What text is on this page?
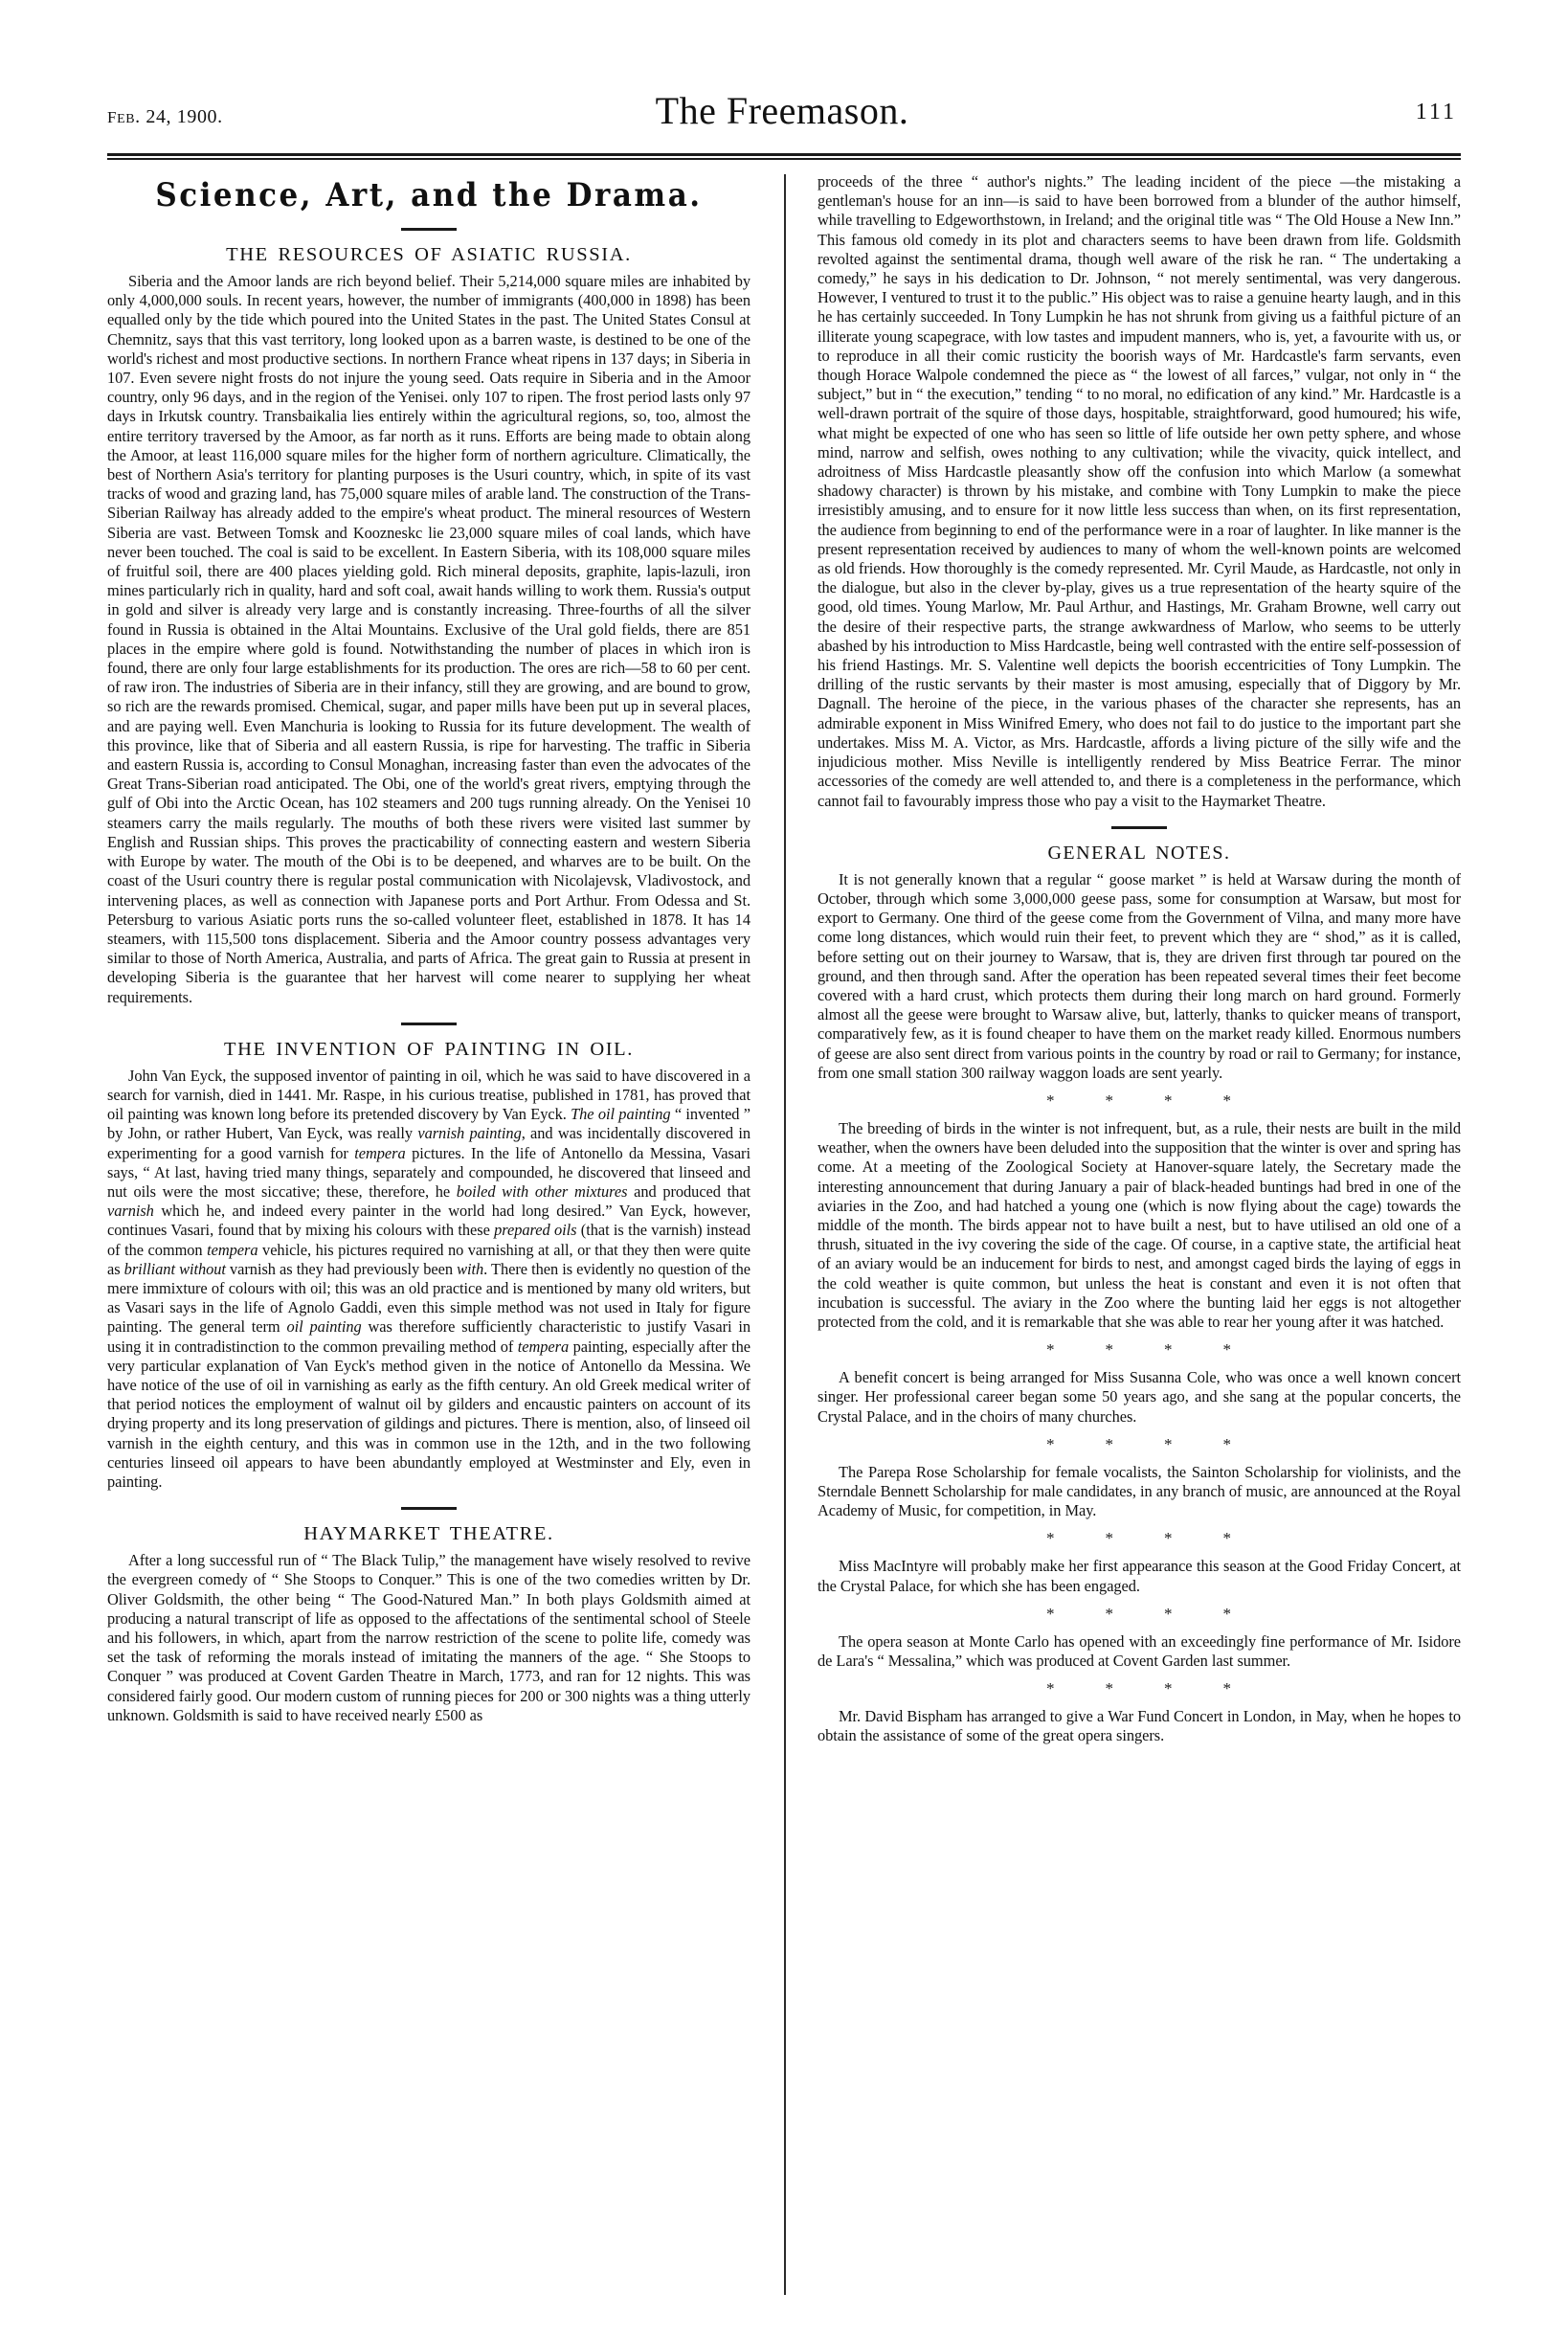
feb. 24, 1900.	The Freemason.	111
Science, Art, and the Drama.
THE RESOURCES OF ASIATIC RUSSIA.

Siberia and the Amoor lands are rich beyond belief. Their 5,214,000 square miles are inhabited by only 4,000,000 souls. In recent years, however, the number of immigrants (400,000 in 1898) has been equalled only by the tide which poured into the United States in the past. The United States Consul at Chemnitz, says that this vast territory, long looked upon as a barren waste, is destined to be one of the world's richest and most productive sections. In northern France wheat ripens in 137 days; in Siberia in 107. Even severe night frosts do not injure the young seed. Oats require in Siberia and in the Amoor country, only 96 days, and in the region of the Yenisei. only 107 to ripen. The frost period lasts only 97 days in Irkutsk country. Transbaikalia lies entirely within the agricultural regions, so, too, almost the entire territory traversed by the Amoor, as far north as it runs. Efforts are being made to obtain along the Amoor, at least 116,000 square miles for the higher form of northern agriculture. Climatically, the best of Northern Asia's territory for planting purposes is the Usuri country, which, in spite of its vast tracks of wood and grazing land, has 75,000 square miles of arable land. The construction of the Trans-Siberian Railway has already added to the empire's wheat product. The mineral resources of Western Siberia are vast. Between Tomsk and Koozneskc lie 23,000 square miles of coal lands, which have never been touched. The coal is said to be excellent. In Eastern Siberia, with its 108,000 square miles of fruitful soil, there are 400 places yielding gold. Rich mineral deposits, graphite, lapis-lazuli, iron mines particularly rich in quality, hard and soft coal, await hands willing to work them. Russia's output in gold and silver is already very large and is constantly increasing. Three-fourths of all the silver found in Russia is obtained in the Altai Mountains. Exclusive of the Ural gold fields, there are 851 places in the empire where gold is found. Notwithstanding the number of places in which iron is found, there are only four large establishments for its production. The ores are rich—58 to 60 per cent. of raw iron. The industries of Siberia are in their infancy, still they are growing, and are bound to grow, so rich are the rewards promised. Chemical, sugar, and paper mills have been put up in several places, and are paying well. Even Manchuria is looking to Russia for its future development. The wealth of this province, like that of Siberia and all eastern Russia, is ripe for harvesting. The traffic in Siberia and eastern Russia is, according to Consul Monaghan, increasing faster than even the advocates of the Great Trans-Siberian road anticipated. The Obi, one of the world's great rivers, emptying through the gulf of Obi into the Arctic Ocean, has 102 steamers and 200 tugs running already. On the Yenisei 10 steamers carry the mails regularly. The mouths of both these rivers were visited last summer by English and Russian ships. This proves the practicability of connecting eastern and western Siberia with Europe by water. The mouth of the Obi is to be deepened, and wharves are to be built. On the coast of the Usuri country there is regular postal communication with Nicolajevsk, Vladivostock, and intervening places, as well as connection with Japanese ports and Port Arthur. From Odessa and St. Petersburg to various Asiatic ports runs the so-called volunteer fleet, established in 1878. It has 14 steamers, with 115,500 tons displacement. Siberia and the Amoor country possess advantages very similar to those of North America, Australia, and parts of Africa. The great gain to Russia at present in developing Siberia is the guarantee that her harvest will come nearer to supplying her wheat requirements.

THE INVENTION OF PAINTING IN OIL.

John Van Eyck, the supposed inventor of painting in oil, which he was said to have discovered in a search for varnish, died in 1441. Mr. Raspe, in his curious treatise, published in 1781, has proved that oil painting was known long before its pretended discovery by Van Eyck. The oil painting “ invented ” by John, or rather Hubert, Van Eyck, was really varnish painting, and was incidentally discovered in experimenting for a good varnish for tempera pictures. In the life of Antonello da Messina, Vasari says, “ At last, having tried many things, separately and compounded, he discovered that linseed and nut oils were the most siccative; these, therefore, he boiled with other mixtures and produced that varnish which he, and indeed every painter in the world had long desired.” Van Eyck, however, continues Vasari, found that by mixing his colours with these prepared oils (that is the varnish) instead of the common tempera vehicle, his pictures required no varnishing at all, or that they then were quite as brilliant without varnish as they had previously been with. There then is evidently no question of the mere immixture of colours with oil; this was an old practice and is mentioned by many old writers, but as Vasari says in the life of Agnolo Gaddi, even this simple method was not used in Italy for figure painting. The general term oil painting was therefore sufficiently characteristic to justify Vasari in using it in contradistinction to the common prevailing method of tempera painting, especially after the very particular explanation of Van Eyck's method given in the notice of Antonello da Messina. We have notice of the use of oil in varnishing as early as the fifth century. An old Greek medical writer of that period notices the employment of walnut oil by gilders and encaustic painters on account of its drying property and its long preservation of gildings and pictures. There is mention, also, of linseed oil varnish in the eighth century, and this was in common use in the 12th, and in the two following centuries linseed oil appears to have been abundantly employed at Westminster and Ely, even in painting.

HAYMARKET THEATRE.

After a long successful run of “ The Black Tulip,” the management have wisely resolved to revive the evergreen comedy of “ She Stoops to Conquer.” This is one of the two comedies written by Dr. Oliver Goldsmith, the other being “ The Good-Natured Man.” In both plays Goldsmith aimed at producing a natural transcript of life as opposed to the affectations of the sentimental school of Steele and his followers, in which, apart from the narrow restriction of the scene to polite life, comedy was set the task of reforming the morals instead of imitating the manners of the age. “ She Stoops to Conquer ” was produced at Covent Garden Theatre in March, 1773, and ran for 12 nights. This was considered fairly good. Our modern custom of running pieces for 200 or 300 nights was a thing utterly unknown. Goldsmith is said to have received nearly £500 as

proceeds of the three “ author's nights.” The leading incident of the piece —the mistaking a gentleman's house for an inn—is said to have been borrowed from a blunder of the author himself, while travelling to Edgeworthstown, in Ireland; and the original title was “ The Old House a New Inn.” This famous old comedy in its plot and characters seems to have been drawn from life. Goldsmith revolted against the sentimental drama, though well aware of the risk he ran. “ The undertaking a comedy,” he says in his dedication to Dr. Johnson, “ not merely sentimental, was very dangerous. However, I ventured to trust it to the public.” His object was to raise a genuine hearty laugh, and in this he has certainly succeeded. In Tony Lumpkin he has not shrunk from giving us a faithful picture of an illiterate young scapegrace, with low tastes and impudent manners, who is, yet, a favourite with us, or to reproduce in all their comic rusticity the boorish ways of Mr. Hardcastle's farm servants, even though Horace Walpole condemned the piece as “ the lowest of all farces,” vulgar, not only in “ the subject,” but in “ the execution,” tending “ to no moral, no edification of any kind.” Mr. Hardcastle is a well-drawn portrait of the squire of those days, hospitable, straightforward, good humoured; his wife, what might be expected of one who has seen so little of life outside her own petty sphere, and whose mind, narrow and selfish, owes nothing to any cultivation; while the vivacity, quick intellect, and adroitness of Miss Hardcastle pleasantly show off the confusion into which Marlow (a somewhat shadowy character) is thrown by his mistake, and combine with Tony Lumpkin to make the piece irresistibly amusing, and to ensure for it now little less success than when, on its first representation, the audience from beginning to end of the performance were in a roar of laughter. In like manner is the present representation received by audiences to many of whom the well-known points are welcomed as old friends. How thoroughly is the comedy represented. Mr. Cyril Maude, as Hardcastle, not only in the dialogue, but also in the clever by-play, gives us a true representation of the hearty squire of the good, old times. Young Marlow, Mr. Paul Arthur, and Hastings, Mr. Graham Browne, well carry out the desire of their respective parts, the strange awkwardness of Marlow, who seems to be utterly abashed by his introduction to Miss Hardcastle, being well contrasted with the entire self-possession of his friend Hastings. Mr. S. Valentine well depicts the boorish eccentricities of Tony Lumpkin. The drilling of the rustic servants by their master is most amusing, especially that of Diggory by Mr. Dagnall. The heroine of the piece, in the various phases of the character she represents, has an admirable exponent in Miss Winifred Emery, who does not fail to do justice to the important part she undertakes. Miss M. A. Victor, as Mrs. Hardcastle, affords a living picture of the silly wife and the injudicious mother. Miss Neville is intelligently rendered by Miss Beatrice Ferrar. The minor accessories of the comedy are well attended to, and there is a completeness in the performance, which cannot fail to favourably impress those who pay a visit to the Haymarket Theatre.

GENERAL NOTES.

It is not generally known that a regular “ goose market ” is held at Warsaw during the month of October, through which some 3,000,000 geese pass, some for consumption at Warsaw, but most for export to Germany. One third of the geese come from the Government of Vilna, and many more have come long distances, which would ruin their feet, to prevent which they are “ shod,” as it is called, before setting out on their journey to Warsaw, that is, they are driven first through tar poured on the ground, and then through sand. After the operation has been repeated several times their feet become covered with a hard crust, which protects them during their long march on hard ground. Formerly almost all the geese were brought to Warsaw alive, but, latterly, thanks to quicker means of transport, comparatively few, as it is found cheaper to have them on the market ready killed. Enormous numbers of geese are also sent direct from various points in the country by road or rail to Germany; for instance, from one small station 300 railway waggon loads are sent yearly.

*	*	*	*

The breeding of birds in the winter is not infrequent, but, as a rule, their nests are built in the mild weather, when the owners have been deluded into the supposition that the winter is over and spring has come. At a meeting of the Zoological Society at Hanover-square lately, the Secretary made the interesting announcement that during January a pair of black-headed buntings had bred in one of the aviaries in the Zoo, and had hatched a young one (which is now flying about the cage) towards the middle of the month. The birds appear not to have built a nest, but to have utilised an old one of a thrush, situated in the ivy covering the side of the cage. Of course, in a captive state, the artificial heat of an aviary would be an inducement for birds to nest, and amongst caged birds the laying of eggs in the cold weather is quite common, but unless the heat is constant and even it is not often that incubation is successful. The aviary in the Zoo where the bunting laid her eggs is not altogether protected from the cold, and it is remarkable that she was able to rear her young after it was hatched.

*	*	*	*

A benefit concert is being arranged for Miss Susanna Cole, who was once a well known concert singer. Her professional career began some 50 years ago, and she sang at the popular concerts, the Crystal Palace, and in the choirs of many churches.

*	*	*	*

The Parepa Rose Scholarship for female vocalists, the Sainton Scholarship for violinists, and the Sterndale Bennett Scholarship for male candidates, in any branch of music, are announced at the Royal Academy of Music, for competition, in May.

*	*	*	*

Miss MacIntyre will probably make her first appearance this season at the Good Friday Concert, at the Crystal Palace, for which she has been engaged.

*	*	*	*

The opera season at Monte Carlo has opened with an exceedingly fine performance of Mr. Isidore de Lara's “ Messalina,” which was produced at Covent Garden last summer.

*	*	*	*

Mr. David Bispham has arranged to give a War Fund Concert in London, in May, when he hopes to obtain the assistance of some of the great opera singers.
